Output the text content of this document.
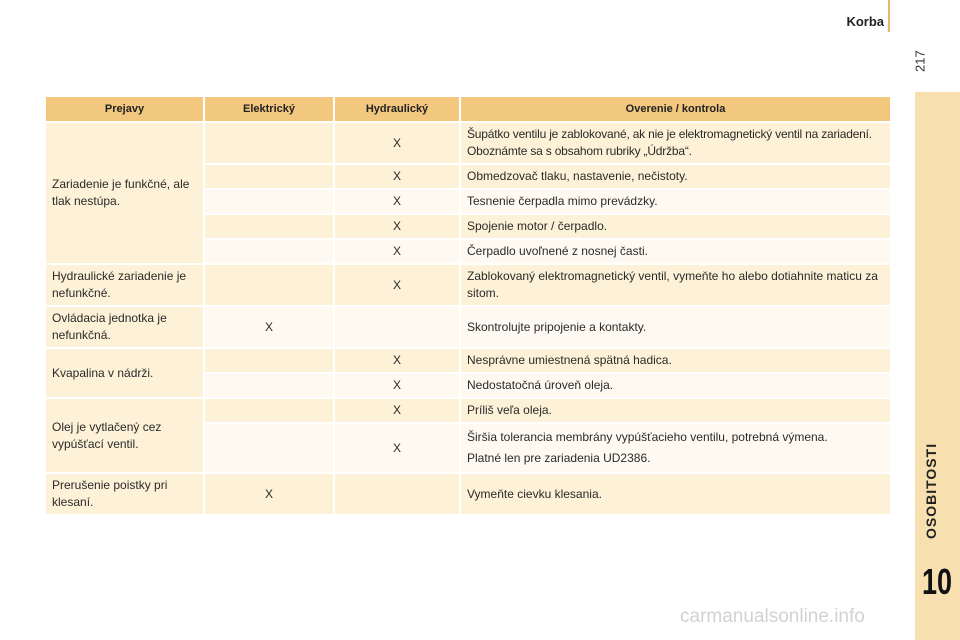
Korba
217
OSOBITOSTI
10
carmanualsonline.info
Prejavy	Elektrický	Hydraulický	Overenie / kontrola
Zariadenie je funkčné, ale tlak nestúpa.		X	Šupátko ventilu je zablokované, ak nie je elektromagnetický ventil na zariadení.
Oboznámte sa s obsahom rubriky „Údržba“.

		X	Obmedzovač tlaku, nastavenie, nečistoty.
		X	Tesnenie čerpadla mimo prevádzky.
		X	Spojenie motor / čerpadlo.
		X	Čerpadlo uvoľnené z nosnej časti.
Hydraulické zariadenie je nefunkčné.		X	Zablokovaný elektromagnetický ventil, vymeňte ho alebo dotiahnite maticu za sitom.
Ovládacia jednotka je nefunkčná.	X		Skontrolujte pripojenie a kontakty.
Kvapalina v nádrži.		X	Nesprávne umiestnená spätná hadica.
		X	Nedostatočná úroveň oleja.
Olej je vytlačený cez vypúšťací ventil.		X	Príliš veľa oleja.
		X	Širšia tolerancia membrány vypúšťacieho ventilu, potrebná výmena.
Platné len pre zariadenia UD2386.

Prerušenie poistky pri klesaní.	X		Vymeňte cievku klesania.
